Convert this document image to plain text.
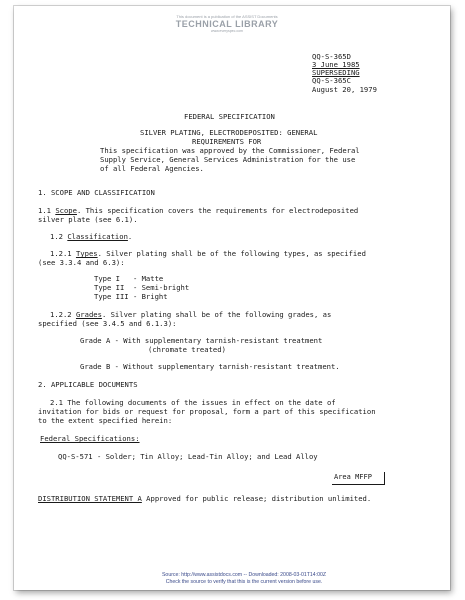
This document is a publication of the ASSIST Documents
TECHNICAL LIBRARY
www.everyspec.com
QQ-S-365D
3 June 1985
SUPERSEDING
QQ-S-365C
August 20, 1979
FEDERAL SPECIFICATION
SILVER PLATING, ELECTRODEPOSITED: GENERAL
REQUIREMENTS FOR
This specification was approved by the Commissioner, Federal
Supply Service, General Services Administration for the use
of all Federal Agencies.
1. SCOPE AND CLASSIFICATION
1.1 Scope. This specification covers the requirements for electrodeposited
silver plate (see 6.1).
1.2 Classification.
1.2.1 Types. Silver plating shall be of the following types, as specified
(see 3.3.4 and 6.3):
Type I   - Matte
Type II  - Semi-bright
Type III - Bright
1.2.2 Grades. Silver plating shall be of the following grades, as
specified (see 3.4.5 and 6.1.3):
Grade A - With supplementary tarnish-resistant treatment
(chromate treated)
Grade B - Without supplementary tarnish-resistant treatment.
2. APPLICABLE DOCUMENTS
2.1 The following documents of the issues in effect on the date of
invitation for bids or request for proposal, form a part of this specification
to the extent specified herein:
Federal Specifications:
QQ-S-571 - Solder; Tin Alloy; Lead-Tin Alloy; and Lead Alloy
Area MFFP
DISTRIBUTION STATEMENT A Approved for public release; distribution unlimited.
Source: http://www.assistdocs.com -- Downloaded: 2008-03-01T14:00Z
Check the source to verify that this is the current version before use.
